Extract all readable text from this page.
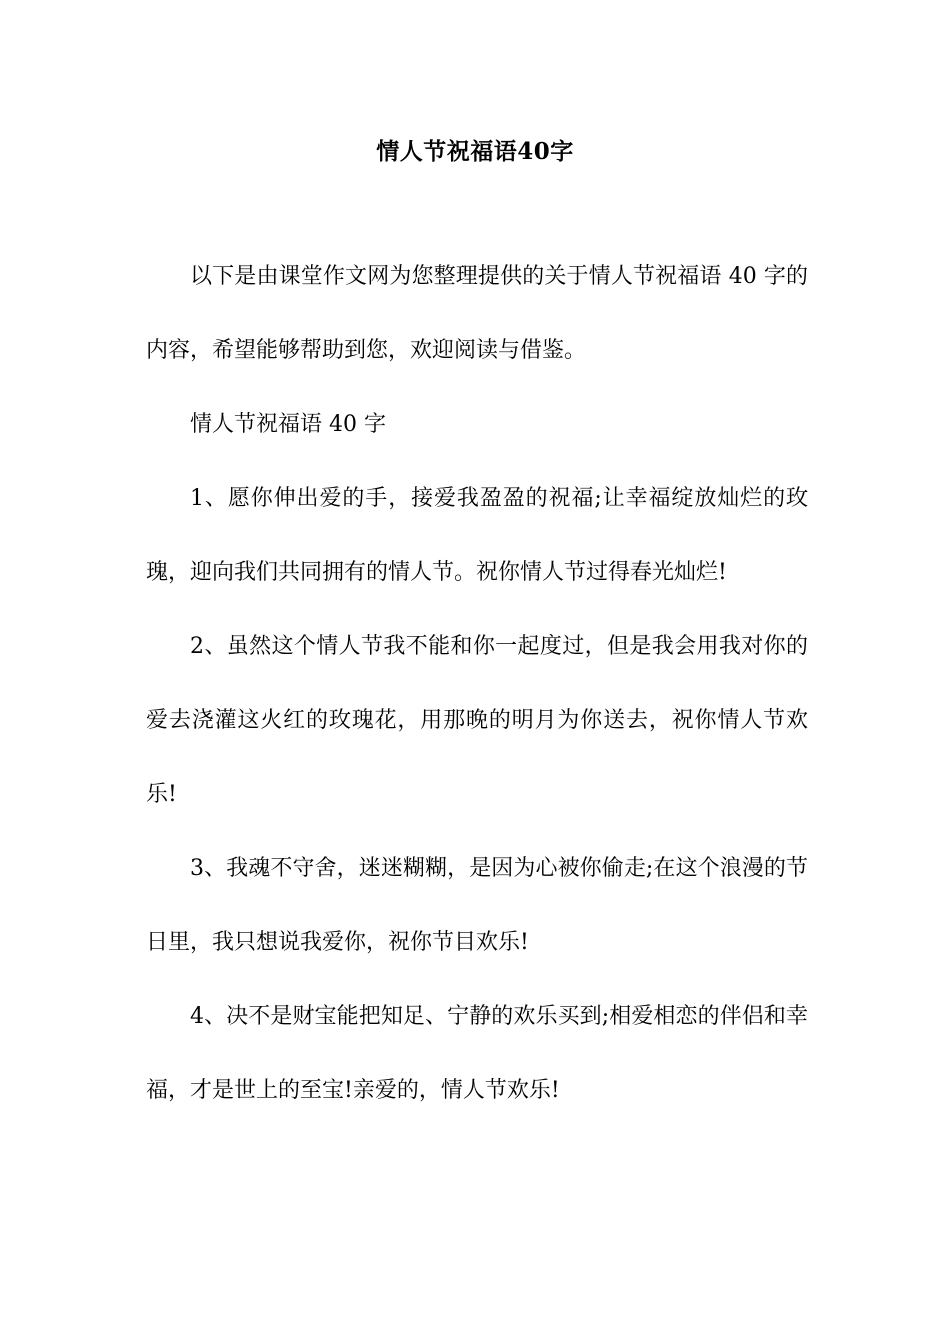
情人节祝福语40字

以下是由课堂作文网为您整理提供的关于情人节祝福语 40 字的内容，希望能够帮助到您，欢迎阅读与借鉴。

情人节祝福语 40 字

1、愿你伸出爱的手，接爱我盈盈的祝福;让幸福绽放灿烂的玫瑰，迎向我们共同拥有的情人节。祝你情人节过得春光灿烂!

2、虽然这个情人节我不能和你一起度过，但是我会用我对你的爱去浇灌这火红的玫瑰花，用那晚的明月为你送去，祝你情人节欢乐!

3、我魂不守舍，迷迷糊糊，是因为心被你偷走;在这个浪漫的节日里，我只想说我爱你，祝你节目欢乐!

4、决不是财宝能把知足、宁静的欢乐买到;相爱相恋的伴侣和幸福，才是世上的至宝!亲爱的，情人节欢乐!
